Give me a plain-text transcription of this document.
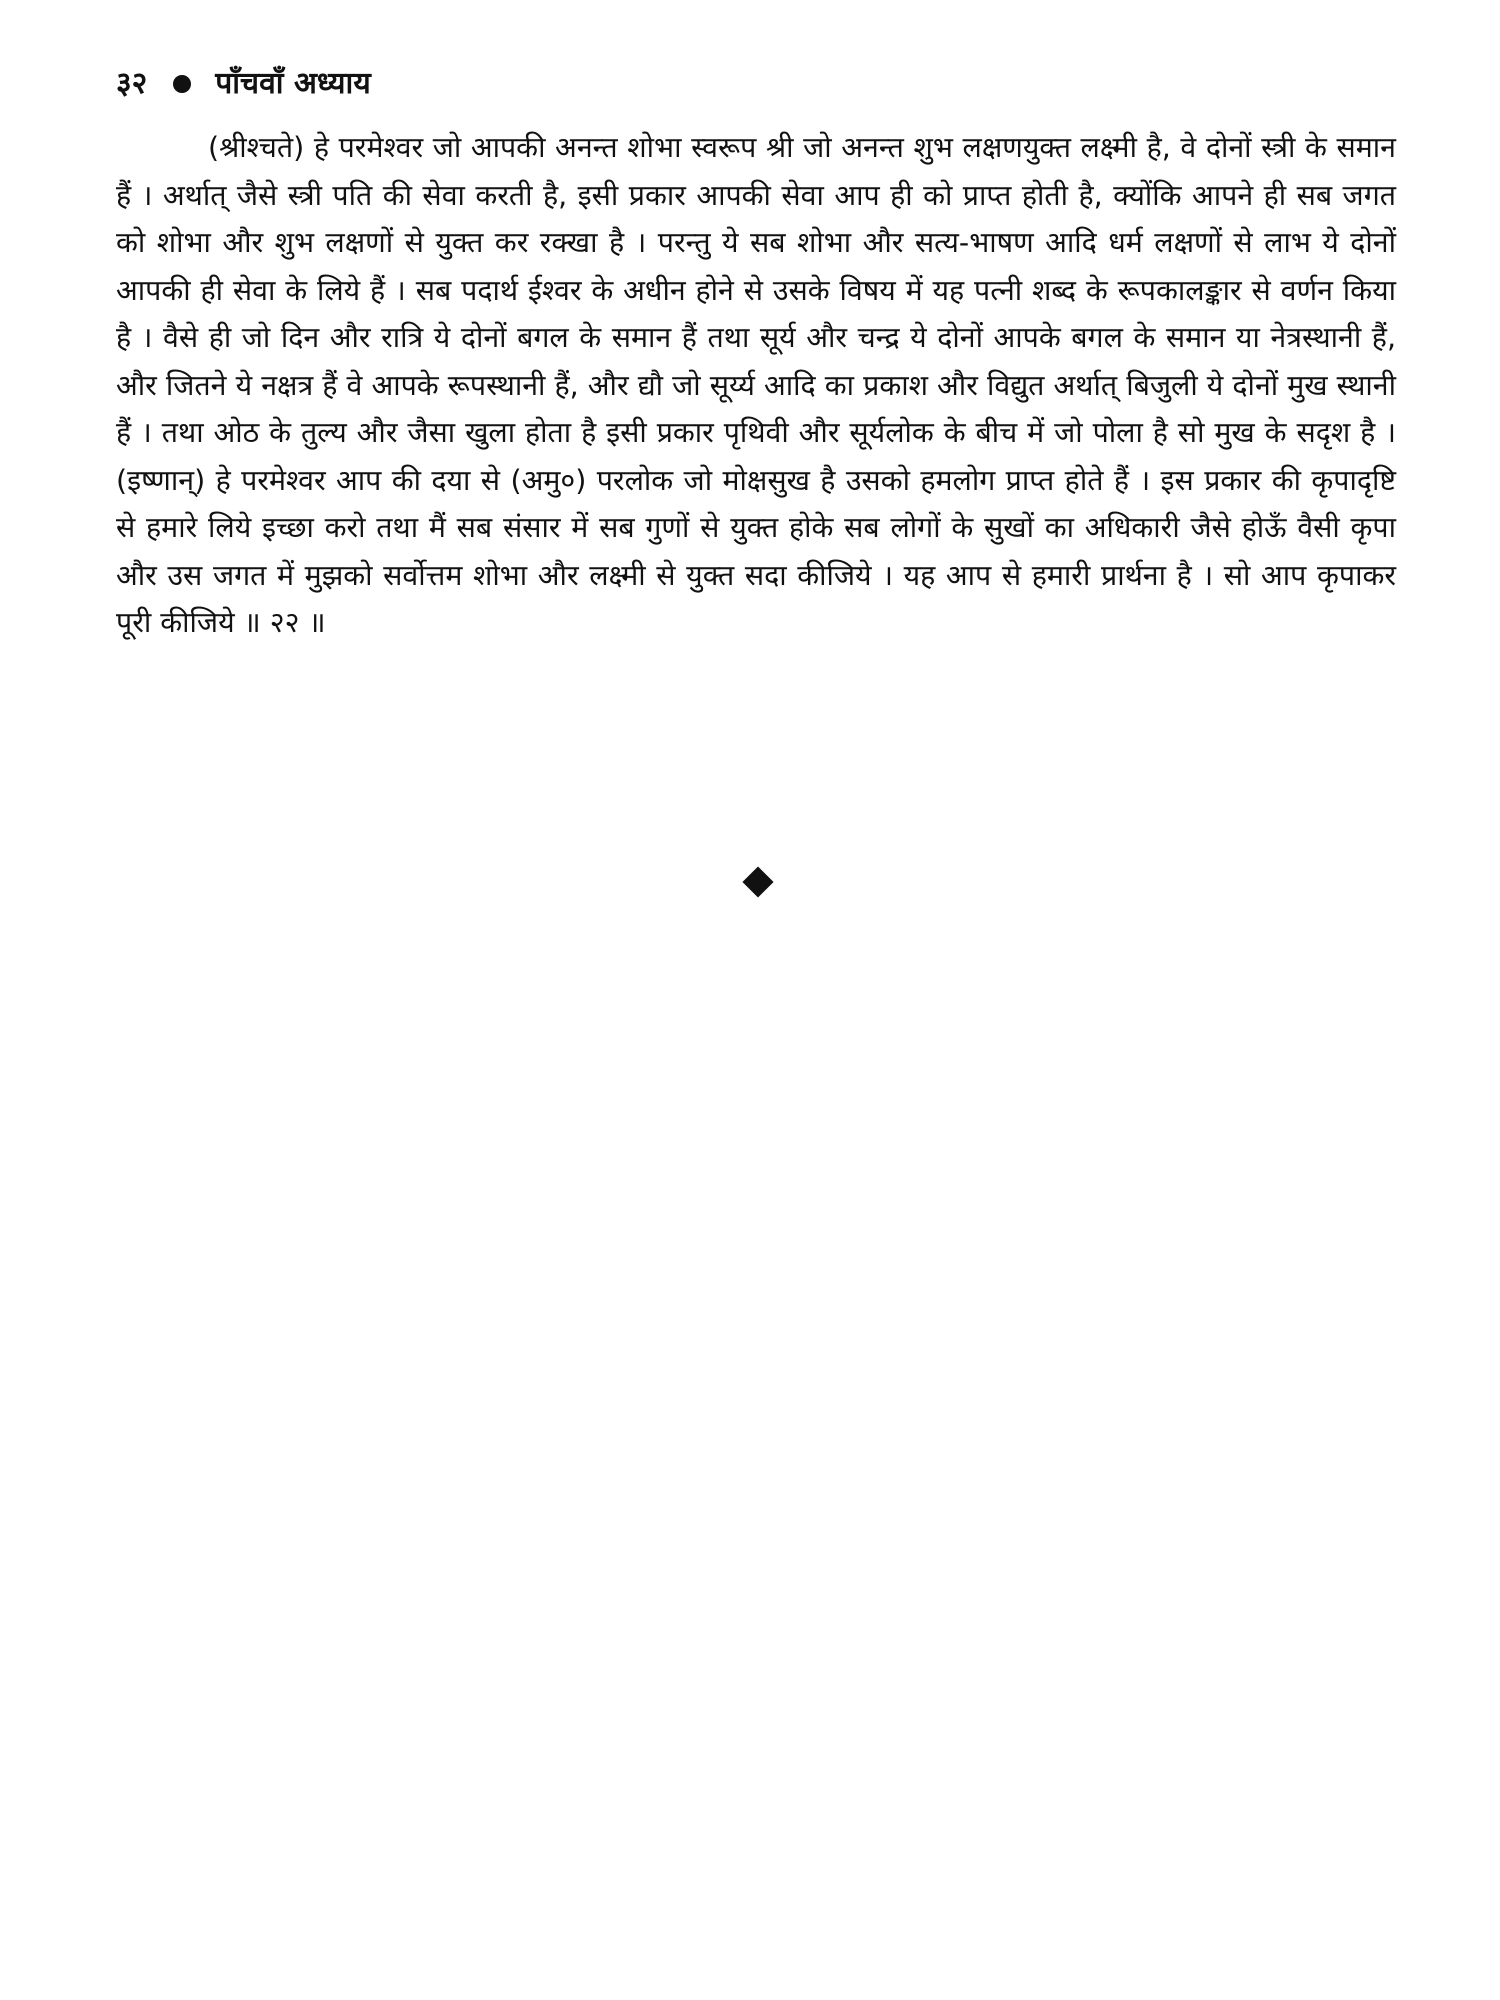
३२ पाँचवाँ अध्याय

(श्रीश्चते) हे परमेश्वर जो आपकी अनन्त शोभा स्वरूप श्री जो अनन्त शुभ लक्षणयुक्त लक्ष्मी है, वे दोनों स्त्री के समान हैं । अर्थात् जैसे स्त्री पति की सेवा करती है, इसी प्रकार आपकी सेवा आप ही को प्राप्त होती है, क्योंकि आपने ही सब जगत को शोभा और शुभ लक्षणों से युक्त कर रक्खा है । परन्तु ये सब शोभा और सत्य-भाषण आदि धर्म लक्षणों से लाभ ये दोनों आपकी ही सेवा के लिये हैं । सब पदार्थ ईश्वर के अधीन होने से उसके विषय में यह पत्नी शब्द के रूपकालङ्कार से वर्णन किया है । वैसे ही जो दिन और रात्रि ये दोनों बगल के समान हैं तथा सूर्य और चन्द्र ये दोनों आपके बगल के समान या नेत्रस्थानी हैं, और जितने ये नक्षत्र हैं वे आपके रूपस्थानी हैं, और द्यौ जो सूर्य्य आदि का प्रकाश और विद्युत अर्थात् बिजुली ये दोनों मुख स्थानी हैं । तथा ओठ के तुल्य और जैसा खुला होता है इसी प्रकार पृथिवी और सूर्यलोक के बीच में जो पोला है सो मुख के सदृश है । (इष्णान्) हे परमेश्वर आप की दया से (अमु०) परलोक जो मोक्षसुख है उसको हमलोग प्राप्त होते हैं । इस प्रकार की कृपादृष्टि से हमारे लिये इच्छा करो तथा मैं सब संसार में सब गुणों से युक्त होके सब लोगों के सुखों का अधिकारी जैसे होऊँ वैसी कृपा और उस जगत में मुझको सर्वोत्तम शोभा और लक्ष्मी से युक्त सदा कीजिये । यह आप से हमारी प्रार्थना है । सो आप कृपाकर पूरी कीजिये ॥ २२ ॥
